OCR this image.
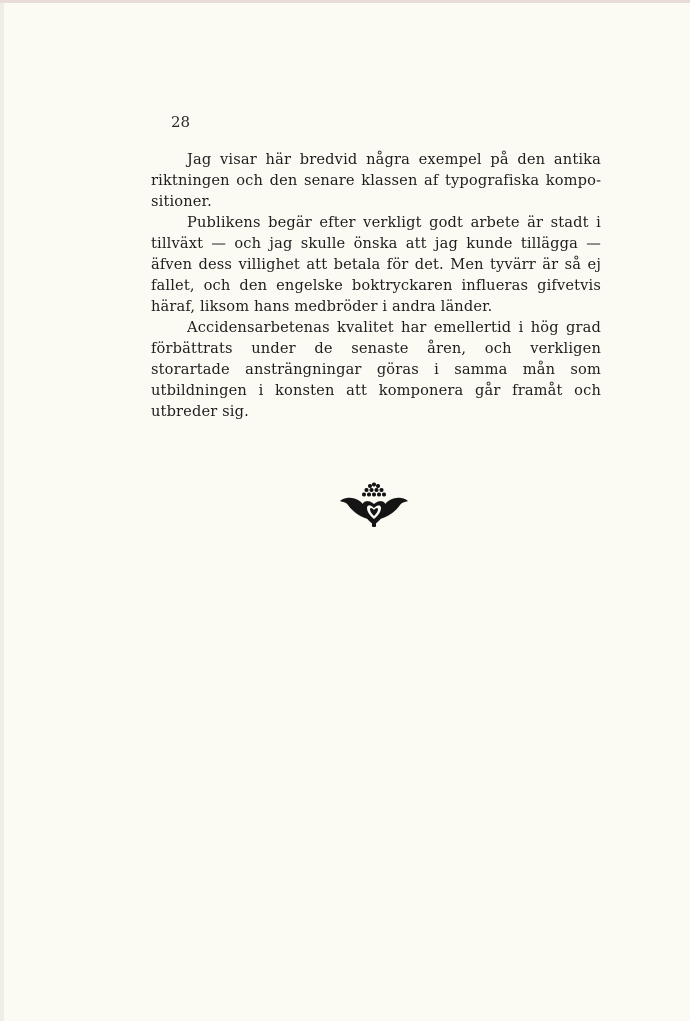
28

Jag visar här bredvid några exempel på den antika riktningen och den senare klassen af typografiska kompositioner.

Publikens begär efter verkligt godt arbete är stadt i tillväxt — och jag skulle önska att jag kunde tillägga — äfven dess villighet att betala för det. Men tyvärr är så ej fallet, och den engelske boktryckaren influeras gifvetvis häraf, liksom hans medbröder i andra länder.

Accidensarbetenas kvalitet har emellertid i hög grad förbättrats under de senaste åren, och verkligen storartade ansträngningar göras i samma mån som utbildningen i konsten att komponera går framåt och utbreder sig.
